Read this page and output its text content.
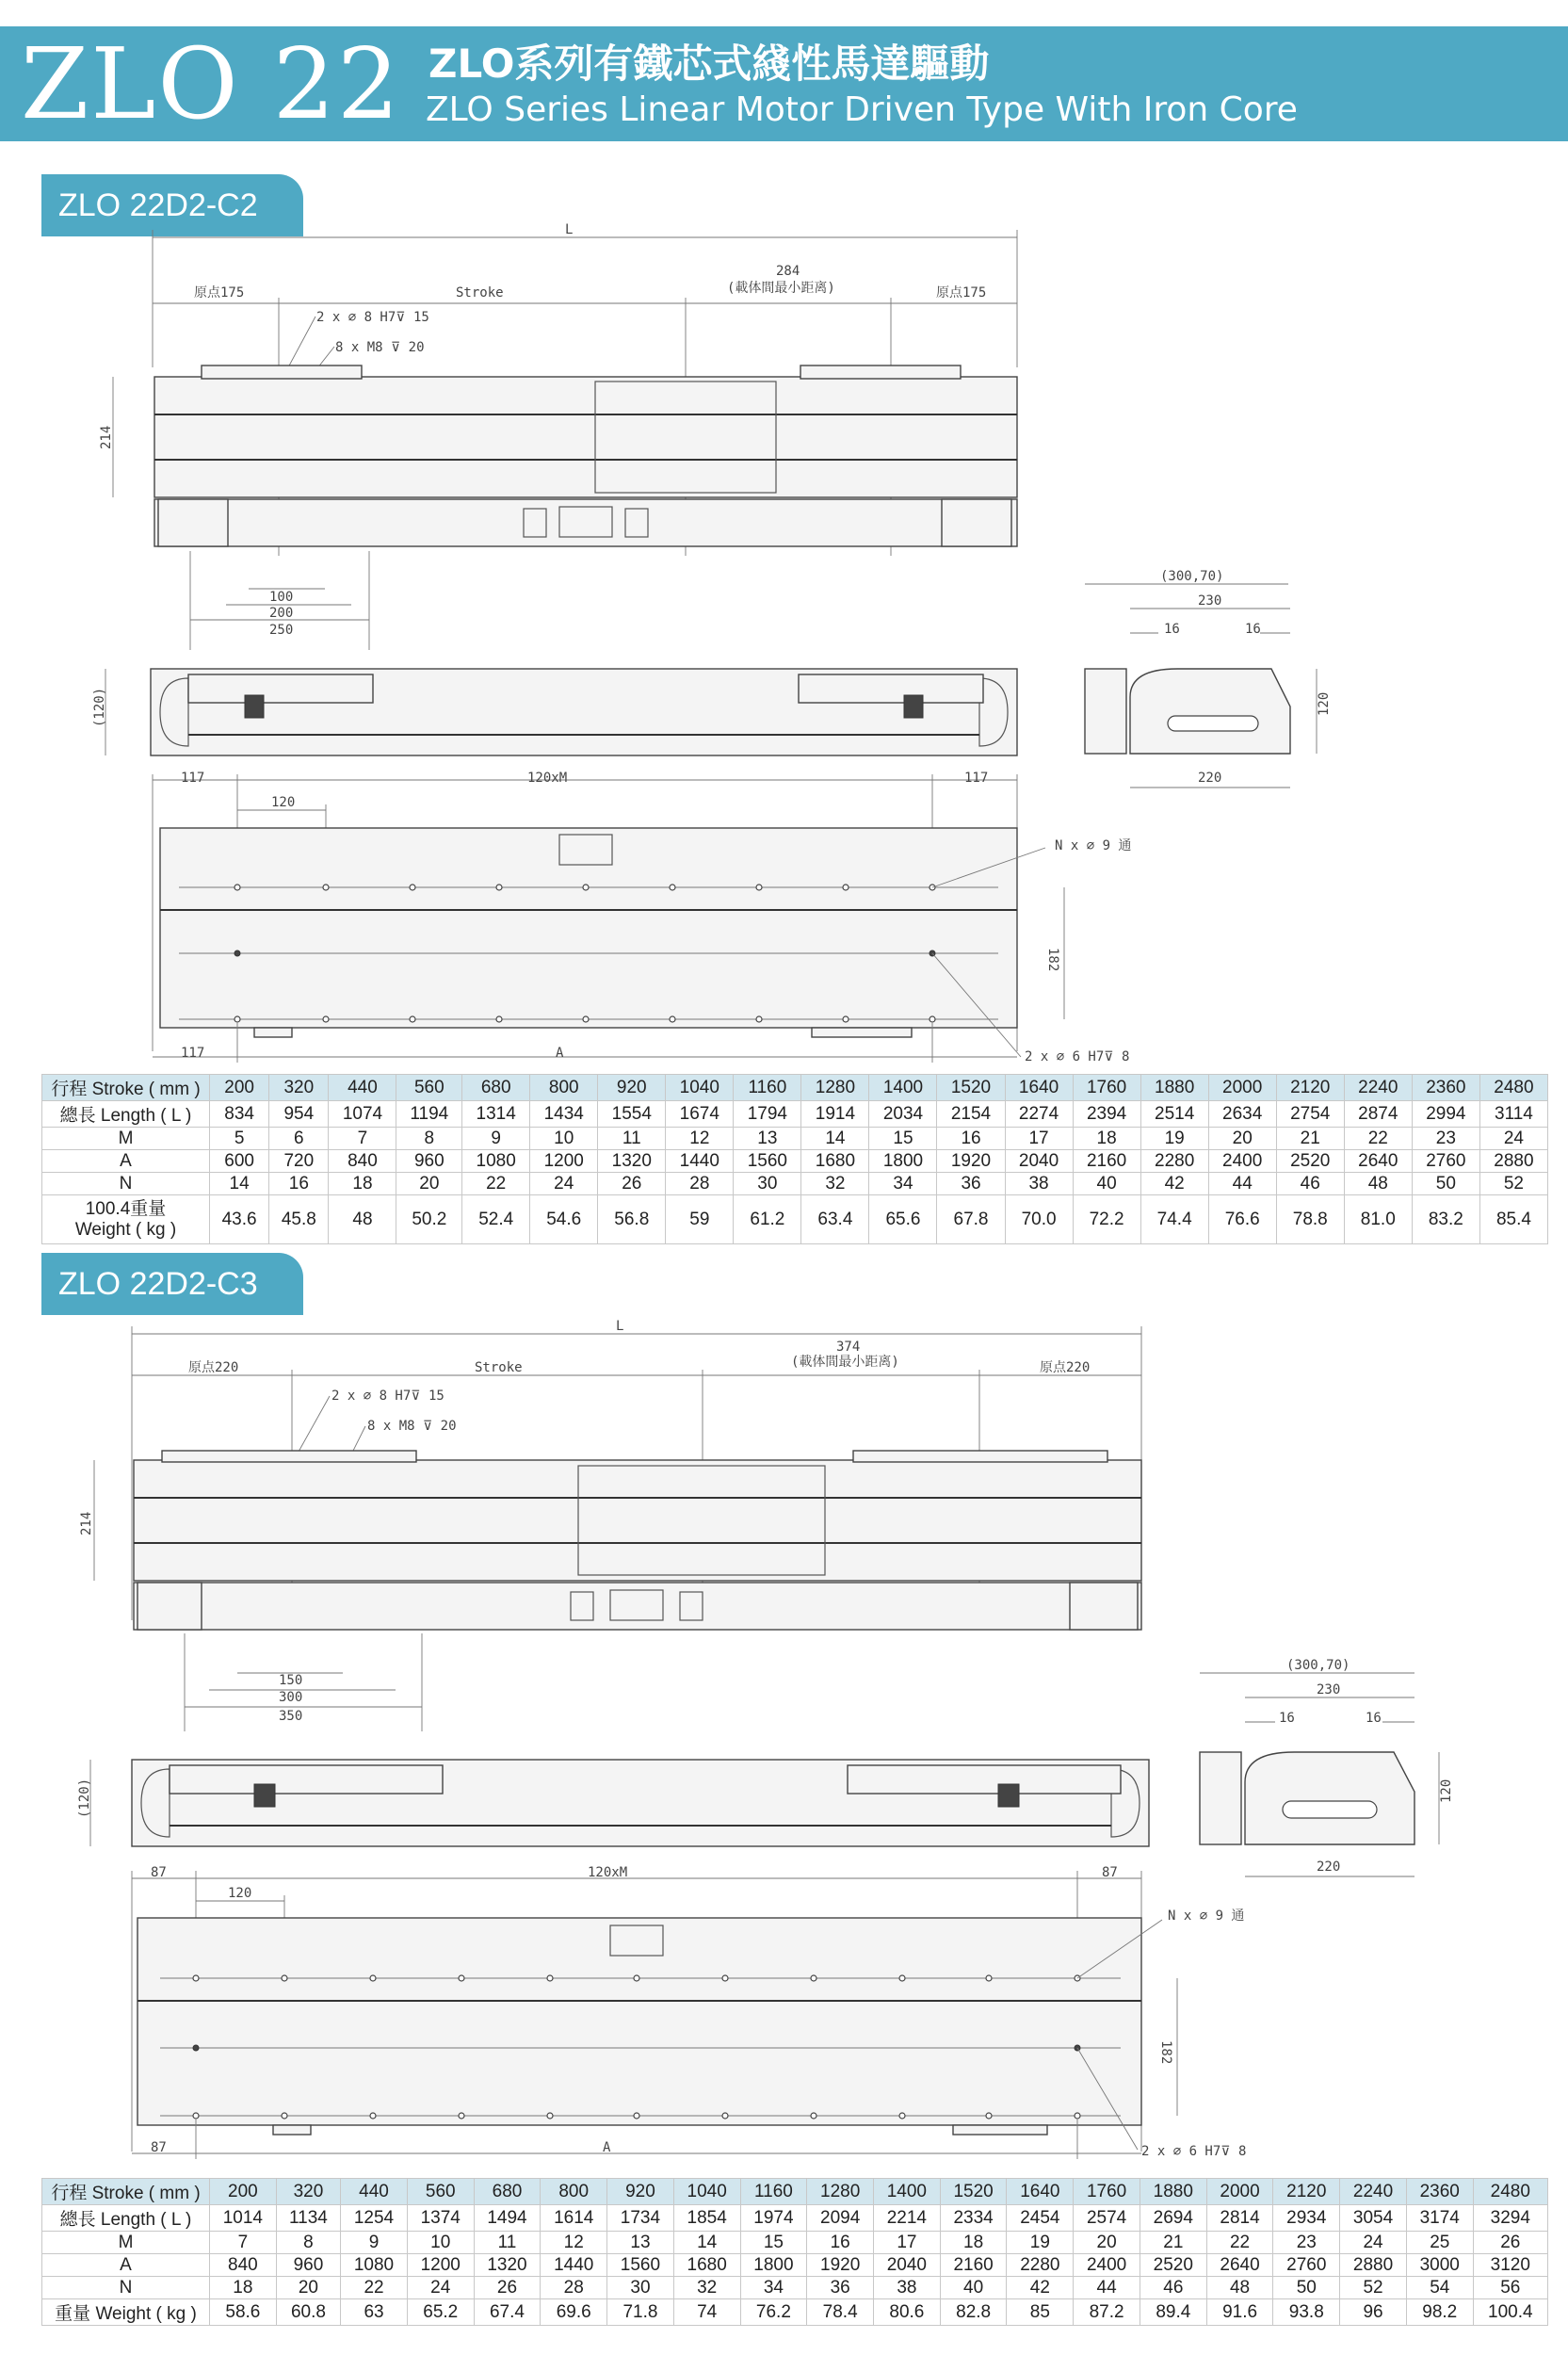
ZLO 22 ZLO系列有鐵芯式綫性馬達驅動
ZLO Series Linear Motor Driven Type With Iron Core
ZLO 22D2-C2
L
原点175	Stroke
284
(載体間最小距离)	原点175
2 x ∅ 8 H7⊽ 15
8 x M8 ⊽ 20
214
100
200
250
(120)
(300,70)
230
16	16
120
220
117	120xM	117
120
N x ∅ 9 通
182
2 x ∅ 6 H7⊽ 8
117	A
行程 Stroke ( mm )	200	320	440	560	680	800	920	1040	1160	1280	1400	1520	1640	1760	1880	2000	2120	2240	2360	2480
總長 Length ( L )	834	954	1074	1194	1314	1434	1554	1674	1794	1914	2034	2154	2274	2394	2514	2634	2754	2874	2994	3114
M	5	6	7	8	9	10	11	12	13	14	15	16	17	18	19	20	21	22	23	24
A	600	720	840	960	1080	1200	1320	1440	1560	1680	1800	1920	2040	2160	2280	2400	2520	2640	2760	2880
N	14	16	18	20	22	24	26	28	30	32	34	36	38	40	42	44	46	48	50	52
100.4重量
Weight ( kg )	43.6	45.8	48	50.2	52.4	54.6	56.8	59	61.2	63.4	65.6	67.8	70.0	72.2	74.4	76.6	78.8	81.0	83.2	85.4
ZLO 22D2-C3
L
原点220	Stroke
374
(載体間最小距离)	原点220
2 x ∅ 8 H7⊽ 15
8 x M8 ⊽ 20
214
150
300
350
(120)
(300,70)
230
16	16
120
220
87	120xM	87
120
N x ∅ 9 通
182
2 x ∅ 6 H7⊽ 8
87	A
行程 Stroke ( mm )	200	320	440	560	680	800	920	1040	1160	1280	1400	1520	1640	1760	1880	2000	2120	2240	2360	2480
總長 Length ( L )	1014	1134	1254	1374	1494	1614	1734	1854	1974	2094	2214	2334	2454	2574	2694	2814	2934	3054	3174	3294
M	7	8	9	10	11	12	13	14	15	16	17	18	19	20	21	22	23	24	25	26
A	840	960	1080	1200	1320	1440	1560	1680	1800	1920	2040	2160	2280	2400	2520	2640	2760	2880	3000	3120
N	18	20	22	24	26	28	30	32	34	36	38	40	42	44	46	48	50	52	54	56
重量 Weight ( kg )	58.6	60.8	63	65.2	67.4	69.6	71.8	74	76.2	78.4	80.6	82.8	85	87.2	89.4	91.6	93.8	96	98.2	100.4
